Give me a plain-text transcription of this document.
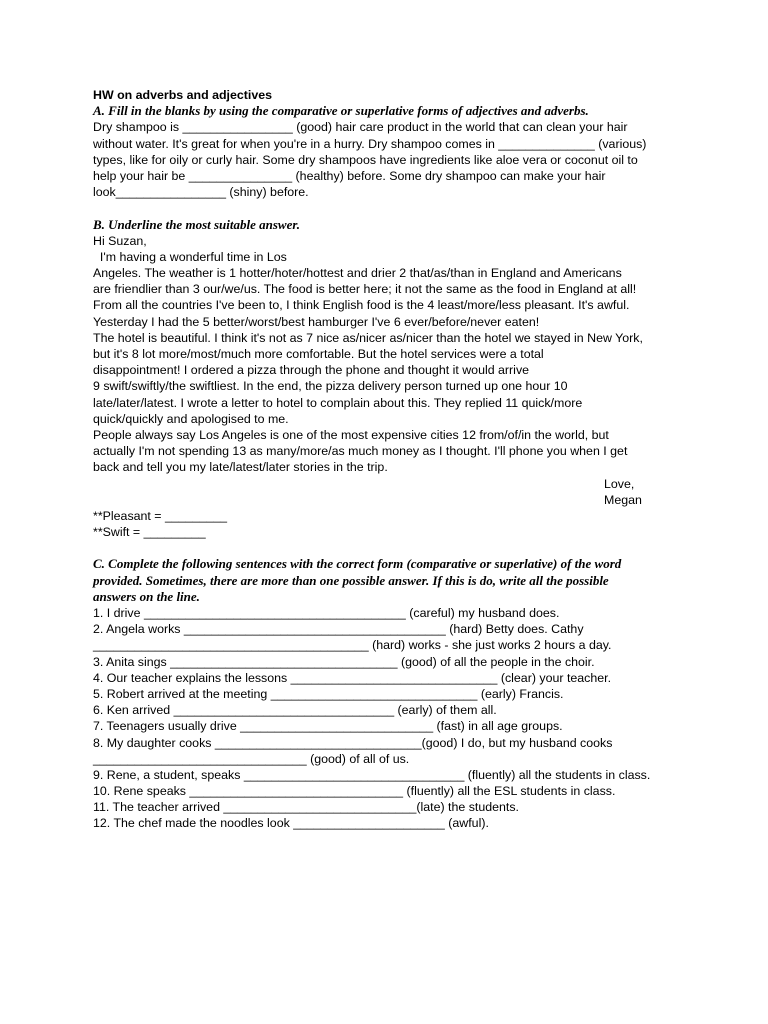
HW on adverbs and adjectives
A. Fill in the blanks by using the comparative or superlative forms of adjectives and adverbs.
Dry shampoo is ________________ (good) hair care product in the world that can clean your hair
without water. It's great for when you're in a hurry. Dry shampoo comes in ______________ (various)
types, like for oily or curly hair. Some dry shampoos have ingredients like aloe vera or coconut oil to
help your hair be _______________ (healthy) before. Some dry shampoo can make your hair
look________________ (shiny) before.
B. Underline the most suitable answer.
Hi Suzan,
I'm having a wonderful time in Los
Angeles. The weather is 1 hotter/hoter/hottest and drier 2 that/as/than in England and Americans
are friendlier than 3 our/we/us. The food is better here; it not the same as the food in England at all!
From all the countries I've been to, I think English food is the 4 least/more/less pleasant. It's awful.
Yesterday I had the 5 better/worst/best hamburger I've 6 ever/before/never eaten!
The hotel is beautiful. I think it's not as 7 nice as/nicer as/nicer than the hotel we stayed in New York,
but it's 8 lot more/most/much more comfortable. But the hotel services were a total
disappointment! I ordered a pizza through the phone and thought it would arrive
9 swift/swiftly/the swiftliest. In the end, the pizza delivery person turned up one hour 10
late/later/latest. I wrote a letter to hotel to complain about this. They replied 11 quick/more
quick/quickly and apologised to me.
People always say Los Angeles is one of the most expensive cities 12 from/of/in the world, but
actually I'm not spending 13 as many/more/as much money as I thought. I'll phone you when I get
back and tell you my late/latest/later stories in the trip.
Love,
Megan
**Pleasant = _________
**Swift = _________
C. Complete the following sentences with the correct form (comparative or superlative) of the word
provided. Sometimes, there are more than one possible answer. If this is do, write all the possible
answers on the line.
1. I drive ______________________________________ (careful) my husband does.
2. Angela works ______________________________________ (hard) Betty does. Cathy
________________________________________ (hard) works - she just works 2 hours a day.
3. Anita sings _________________________________ (good) of all the people in the choir.
4. Our teacher explains the lessons ______________________________ (clear) your teacher.
5. Robert arrived at the meeting ______________________________ (early) Francis.
6. Ken arrived ________________________________ (early) of them all.
7. Teenagers usually drive ____________________________ (fast) in all age groups.
8. My daughter cooks ______________________________(good) I do, but my husband cooks
_______________________________ (good) of all of us.
9. Rene, a student, speaks ________________________________ (fluently) all the students in class.
10. Rene speaks _______________________________ (fluently) all the ESL students in class.
11. The teacher arrived ____________________________(late) the students.
12. The chef made the noodles look ______________________ (awful).
